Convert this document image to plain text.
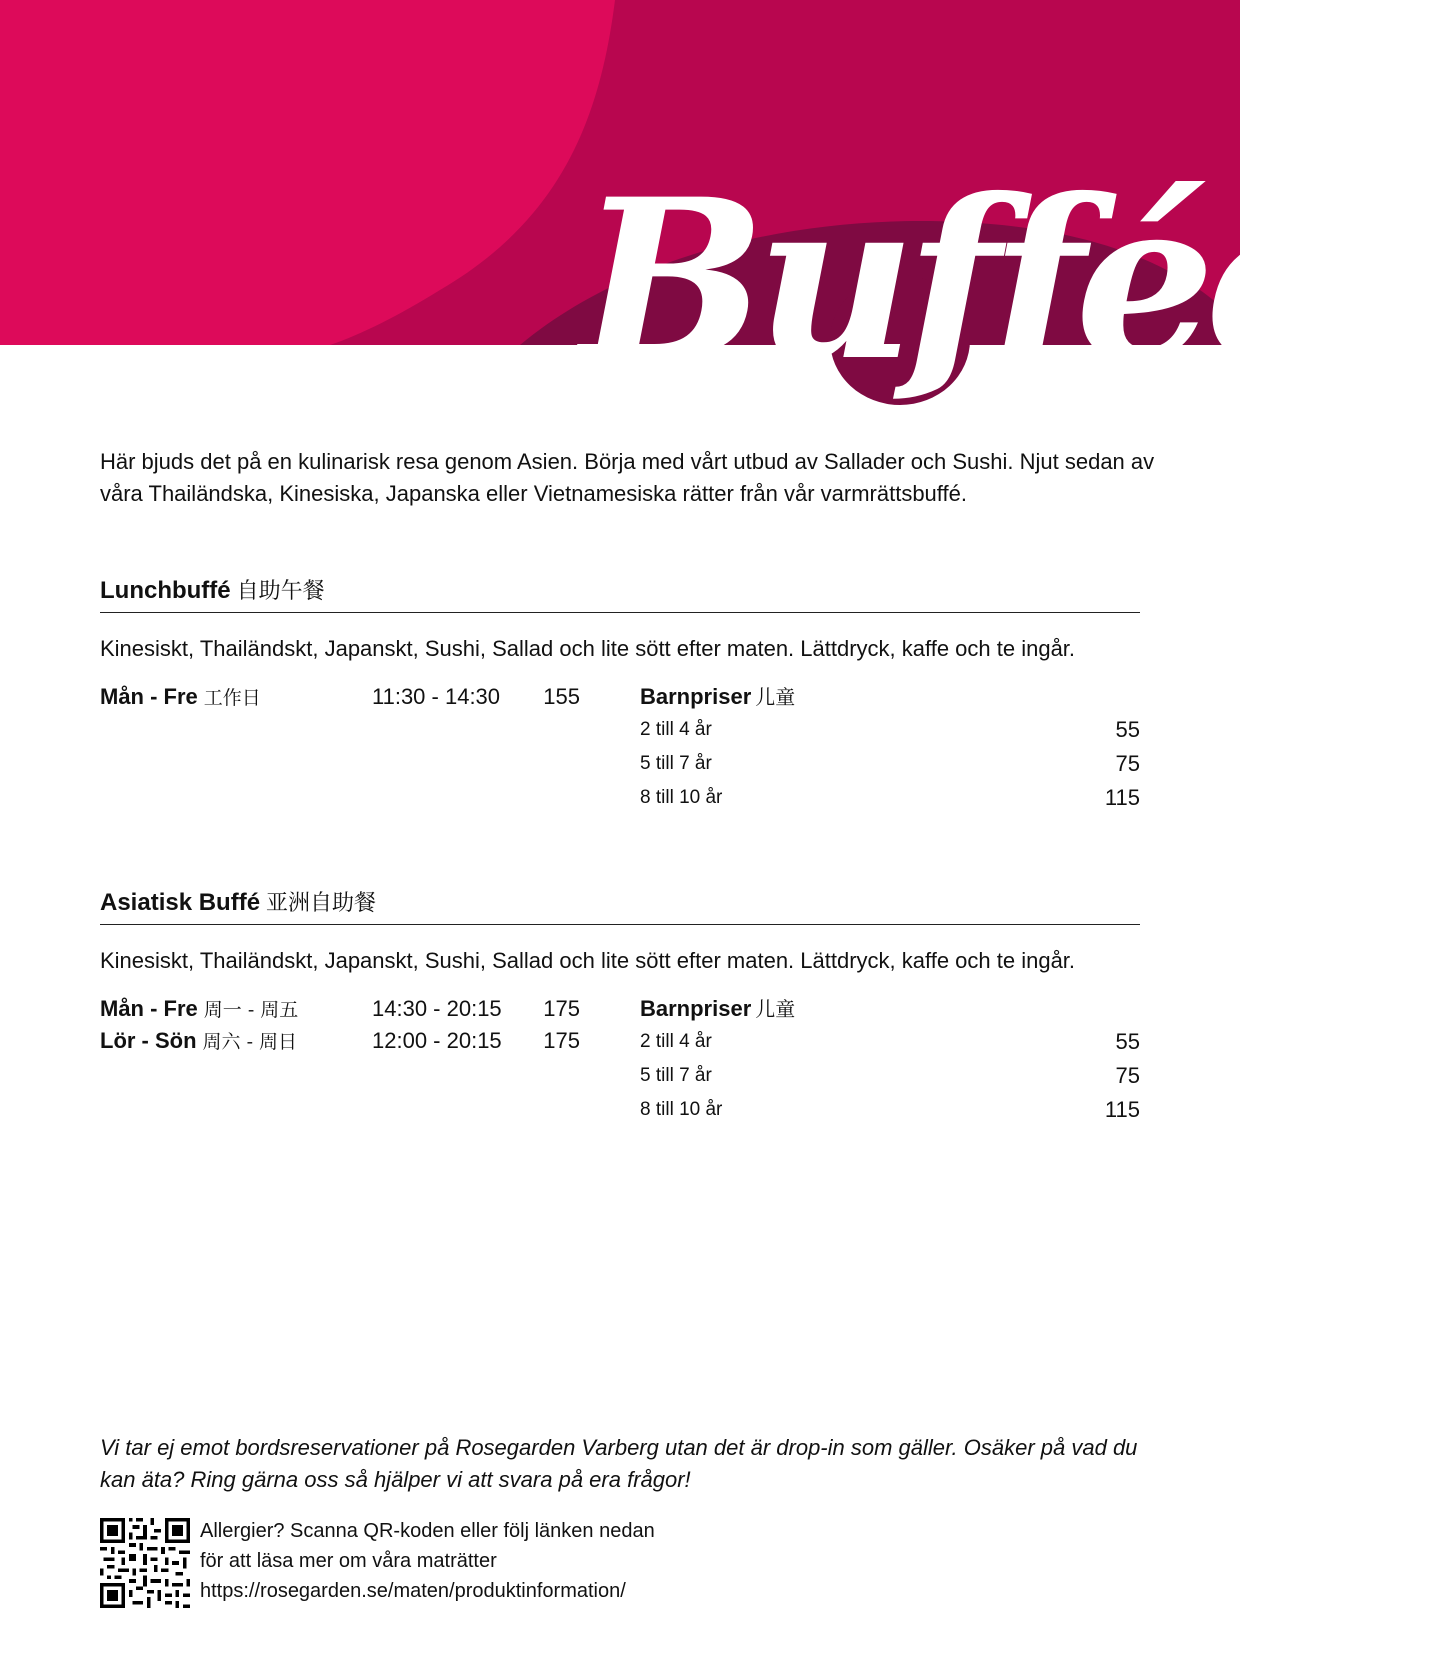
Bufféer
Här bjuds det på en kulinarisk resa genom Asien. Börja med vårt utbud av Sallader och Sushi. Njut sedan av våra Thailändska, Kinesiska, Japanska eller Vietnamesiska rätter från vår varmrättsbuffé.
Lunchbuffé 自助午餐
Kinesiskt, Thailändskt, Japanskt, Sushi, Sallad och lite sött efter maten. Lättdryck, kaffe och te ingår.
Mån - Fre 工作日	11:30 - 14:30	155	Barnpriser 儿童
2 till 4 år	55
5 till 7 år	75
8 till 10 år	115
Asiatisk Buffé 亚洲自助餐
Kinesiskt, Thailändskt, Japanskt, Sushi, Sallad och lite sött efter maten. Lättdryck, kaffe och te ingår.
Mån - Fre 周一 - 周五	14:30 - 20:15	175
Lör - Sön 周六 - 周日	12:00 - 20:15	175
Barnpriser 儿童
2 till 4 år	55
5 till 7 år	75
8 till 10 år	115
Vi tar ej emot bordsreservationer på Rosegarden Varberg utan det är drop-in som gäller. Osäker på vad du kan äta? Ring gärna oss så hjälper vi att svara på era frågor!
Allergier? Scanna QR-koden eller följ länken nedan
för att läsa mer om våra maträtter
https://rosegarden.se/maten/produktinformation/
